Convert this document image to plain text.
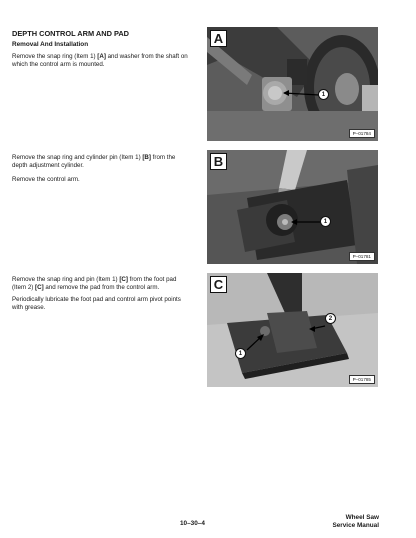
DEPTH CONTROL ARM AND PAD
Removal And Installation

Remove the snap ring (Item 1) [A] and washer from the shaft on which the control arm is mounted.

Remove the snap ring and cylinder pin (Item 1) [B] from the depth adjustment cylinder.

Remove the control arm.

Remove the snap ring and pin (Item 1) [C] from the foot pad (Item 2) [C] and remove the pad from the control arm.

Periodically lubricate the foot pad and control arm pivot points with grease.

A
1
P–01784
B
1
P–01781
C
1
2
P–01785
10–30–4
Wheel Saw
Service Manual
